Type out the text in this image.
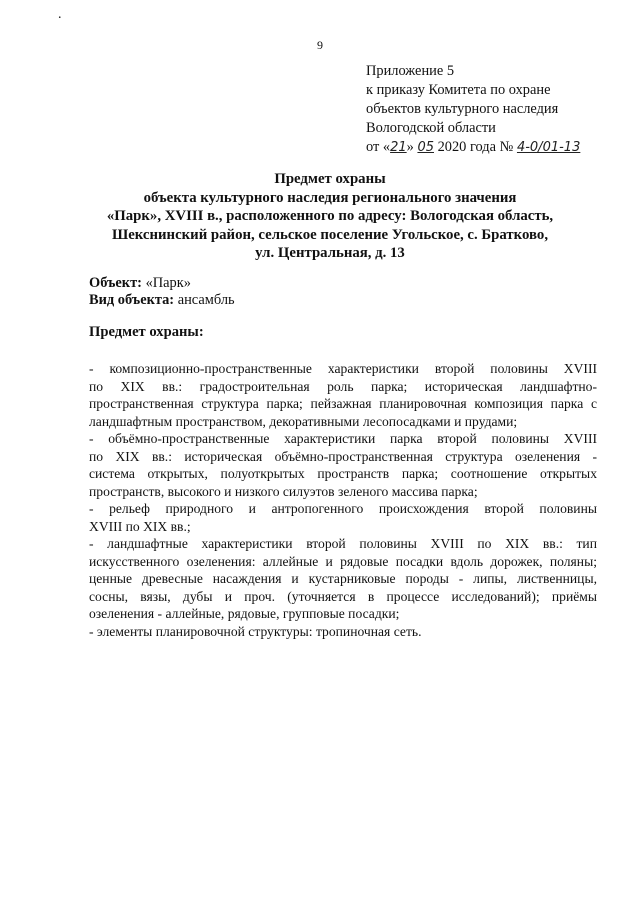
.
9
Приложение 5
к приказу Комитета по охране
объектов культурного наследия
Вологодской области
от «21» 05 2020 года № 4-0/01-13
Предмет охраны
объекта культурного наследия регионального значения
«Парк», XVIII в., расположенного по адресу: Вологодская область,
Шекснинский район, сельское поселение Угольское, с. Братково,
ул. Центральная, д. 13
Объект: «Парк»
Вид объекта: ансамбль
Предмет охраны:
- композиционно-пространственные характеристики второй половины XVIII
по XIX вв.: градостроительная роль парка; историческая ландшафтно-
пространственная структура парка; пейзажная планировочная композиция парка с
ландшафтным пространством, декоративными лесопосадками и прудами;
- объёмно-пространственные характеристики парка второй половины XVIII
по XIX вв.: историческая объёмно-пространственная структура озеленения -
система открытых, полуоткрытых пространств парка; соотношение открытых
пространств, высокого и низкого силуэтов зеленого массива парка;
- рельеф природного и антропогенного происхождения второй половины
XVIII по XIX вв.;
- ландшафтные характеристики второй половины XVIII по XIX вв.: тип
искусственного озеленения: аллейные и рядовые посадки вдоль дорожек, поляны;
ценные древесные насаждения и кустарниковые породы - липы, лиственницы,
сосны, вязы, дубы и проч. (уточняется в процессе исследований); приёмы
озеленения - аллейные, рядовые, групповые посадки;
- элементы планировочной структуры: тропиночная сеть.
